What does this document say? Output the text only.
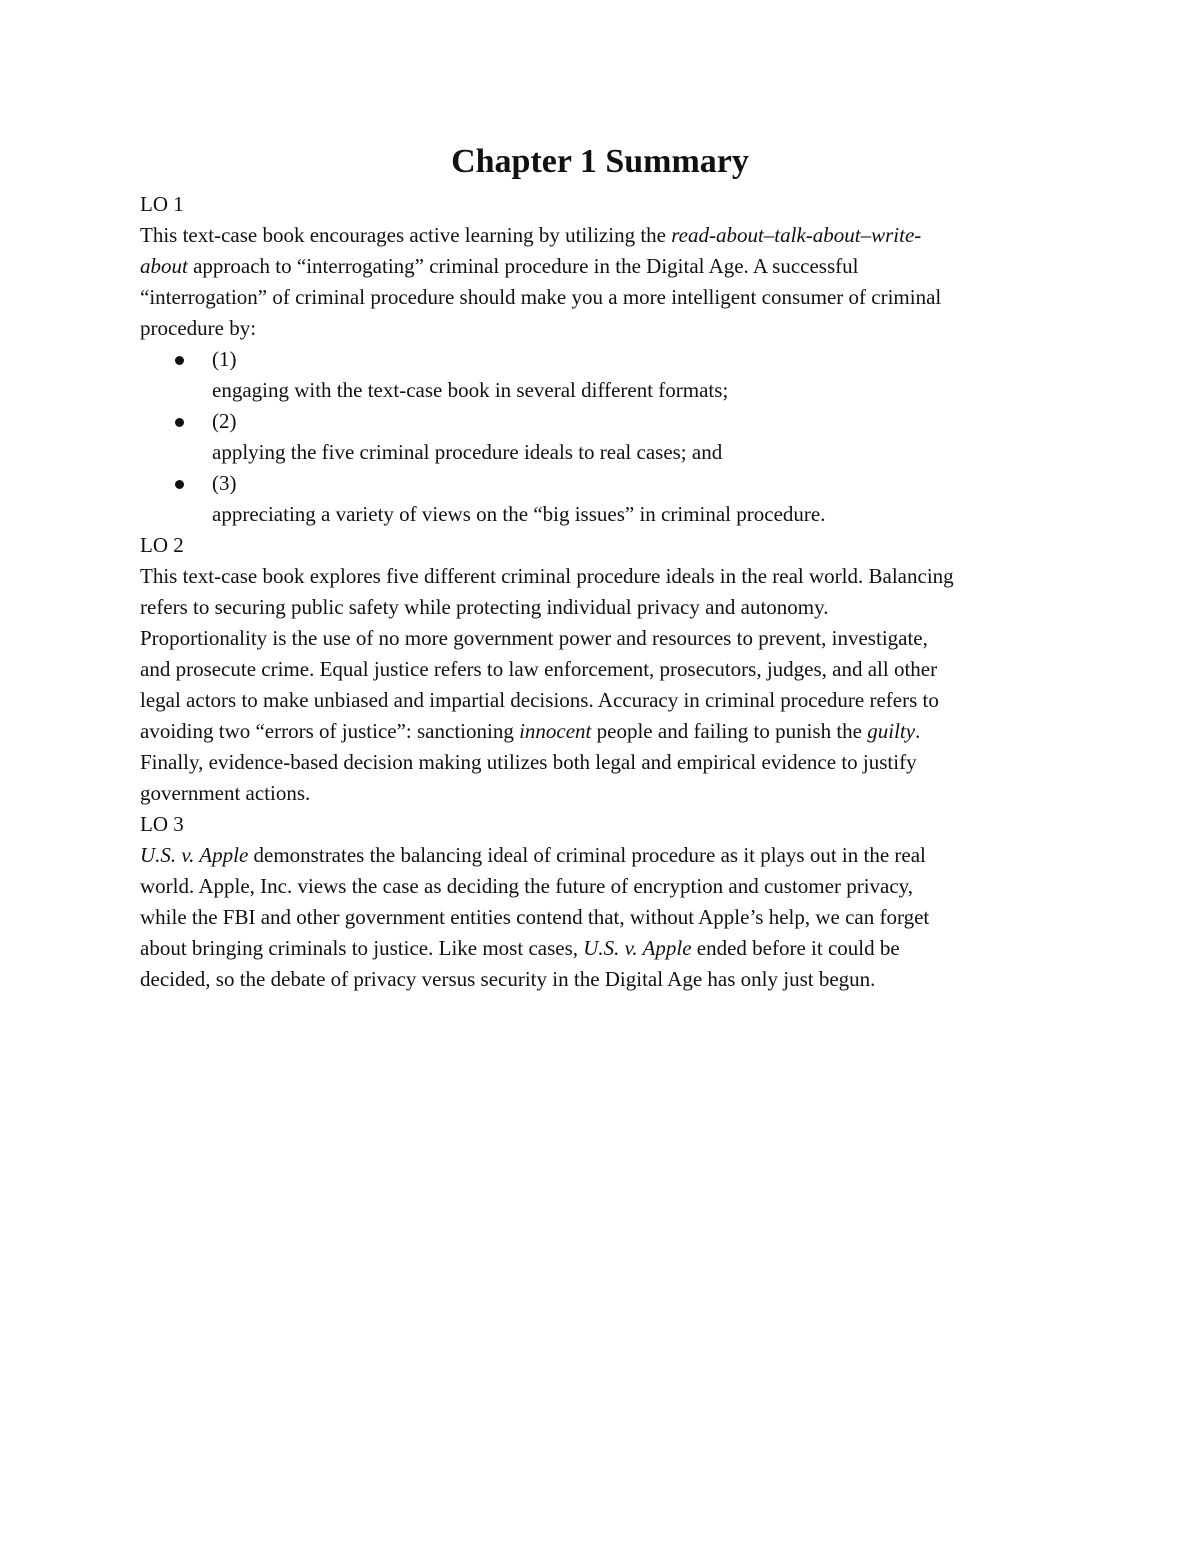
Chapter 1 Summary
LO 1
This text-case book encourages active learning by utilizing the read-about–talk-about–write-
about approach to “interrogating” criminal procedure in the Digital Age. A successful
“interrogation” of criminal procedure should make you a more intelligent consumer of criminal
procedure by:
(1)
engaging with the text-case book in several different formats;
(2)
applying the five criminal procedure ideals to real cases; and
(3)
appreciating a variety of views on the “big issues” in criminal procedure.
LO 2
This text-case book explores five different criminal procedure ideals in the real world. Balancing
refers to securing public safety while protecting individual privacy and autonomy.
Proportionality is the use of no more government power and resources to prevent, investigate,
and prosecute crime. Equal justice refers to law enforcement, prosecutors, judges, and all other
legal actors to make unbiased and impartial decisions. Accuracy in criminal procedure refers to
avoiding two “errors of justice”: sanctioning innocent people and failing to punish the guilty.
Finally, evidence-based decision making utilizes both legal and empirical evidence to justify
government actions.
LO 3
U.S. v. Apple demonstrates the balancing ideal of criminal procedure as it plays out in the real
world. Apple, Inc. views the case as deciding the future of encryption and customer privacy,
while the FBI and other government entities contend that, without Apple’s help, we can forget
about bringing criminals to justice. Like most cases, U.S. v. Apple ended before it could be
decided, so the debate of privacy versus security in the Digital Age has only just begun.
